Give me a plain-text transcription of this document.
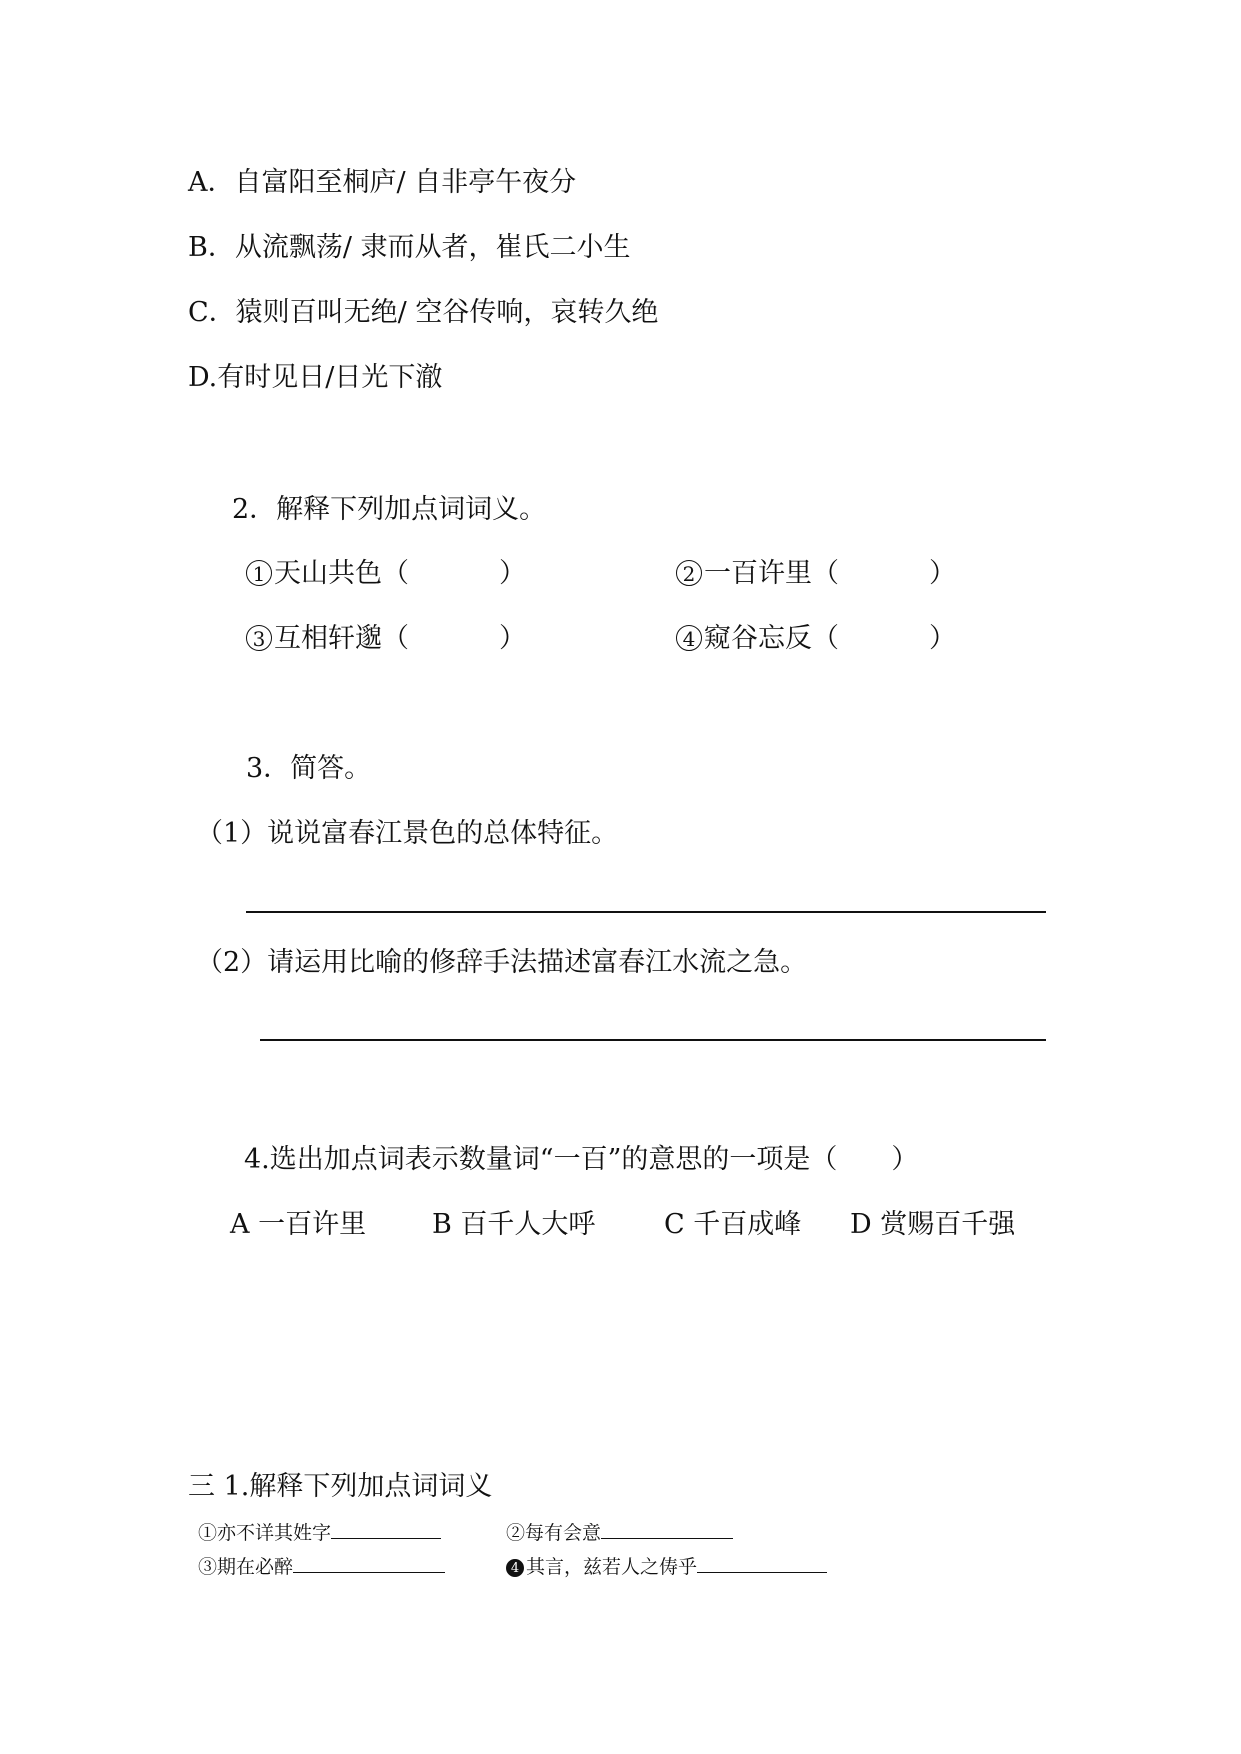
A．自富阳至桐庐/ 自非亭午夜分
B．从流飘荡/ 隶而从者，崔氏二小生
C．猿则百叫无绝/ 空谷传响，哀转久绝
D.有时见日/日光下澈
2．解释下列加点词词义。
1 天山共色（	）	2 一百许里（	）
3 互相轩邈（	）	4 窥谷忘反（	）
3．简答。
（1）说说富春江景色的总体特征。
（2）请运用比喻的修辞手法描述富春江水流之急。
4.选出加点词表示数量词“一百”的意思的一项是（　　）
A 一百许里 B 百千人大呼	C 千百成峰 D 赏赐百千强
三 1.解释下列加点词词义
①亦不详其姓字	②每有会意
③期在必醉	4 其言，兹若人之俦乎
